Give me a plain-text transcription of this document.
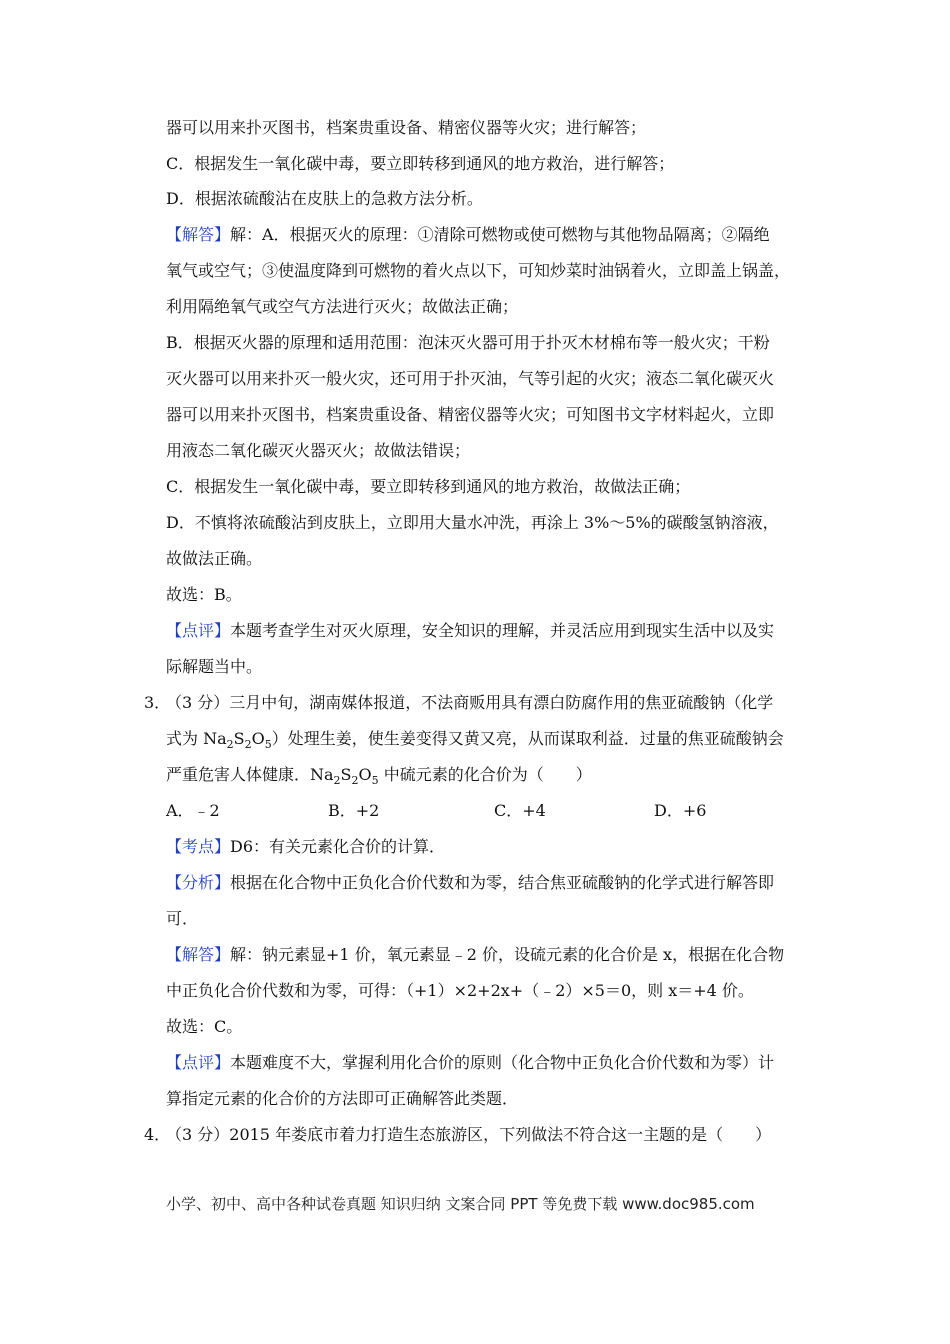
器可以用来扑灭图书，档案贵重设备、精密仪器等火灾；进行解答；
C．根据发生一氧化碳中毒，要立即转移到通风的地方救治，进行解答；
D．根据浓硫酸沾在皮肤上的急救方法分析。
【解答】解：A．根据灭火的原理：①清除可燃物或使可燃物与其他物品隔离；②隔绝
氧气或空气；③使温度降到可燃物的着火点以下，可知炒菜时油锅着火，立即盖上锅盖，
利用隔绝氧气或空气方法进行灭火；故做法正确；
B．根据灭火器的原理和适用范围：泡沫灭火器可用于扑灭木材棉布等一般火灾；干粉
灭火器可以用来扑灭一般火灾，还可用于扑灭油，气等引起的火灾；液态二氧化碳灭火
器可以用来扑灭图书，档案贵重设备、精密仪器等火灾；可知图书文字材料起火，立即
用液态二氧化碳灭火器灭火；故做法错误；
C．根据发生一氧化碳中毒，要立即转移到通风的地方救治，故做法正确；
D．不慎将浓硫酸沾到皮肤上，立即用大量水冲洗，再涂上 3%～5%的碳酸氢钠溶液，
故做法正确。
故选：B。
【点评】本题考查学生对灭火原理，安全知识的理解，并灵活应用到现实生活中以及实
际解题当中。
3．
（3 分）三月中旬，湖南媒体报道，不法商贩用具有漂白防腐作用的焦亚硫酸钠（化学
式为 $Na_2S_2O_5$）处理生姜，使生姜变得又黄又亮，从而谋取利益．过量的焦亚硫酸钠会
严重危害人体健康．$Na_2S_2O_5$ 中硫元素的化合价为（　　）
A．﹣2	B．+2	C．+4	D．+6
【考点】D6：有关元素化合价的计算．
【分析】根据在化合物中正负化合价代数和为零，结合焦亚硫酸钠的化学式进行解答即
可．
【解答】解：钠元素显+1 价，氧元素显﹣2 价，设硫元素的化合价是 x，根据在化合物
中正负化合价代数和为零，可得：（+1）×2+2x+（﹣2）×5＝0，则 x＝+4 价。
故选：C。
【点评】本题难度不大，掌握利用化合价的原则（化合物中正负化合价代数和为零）计
算指定元素的化合价的方法即可正确解答此类题．
4．
（3 分）2015 年娄底市着力打造生态旅游区，下列做法不符合这一主题的是（　　）
小学、初中、高中各种试卷真题 知识归纳 文案合同 PPT 等免费下载 www.doc985.com
